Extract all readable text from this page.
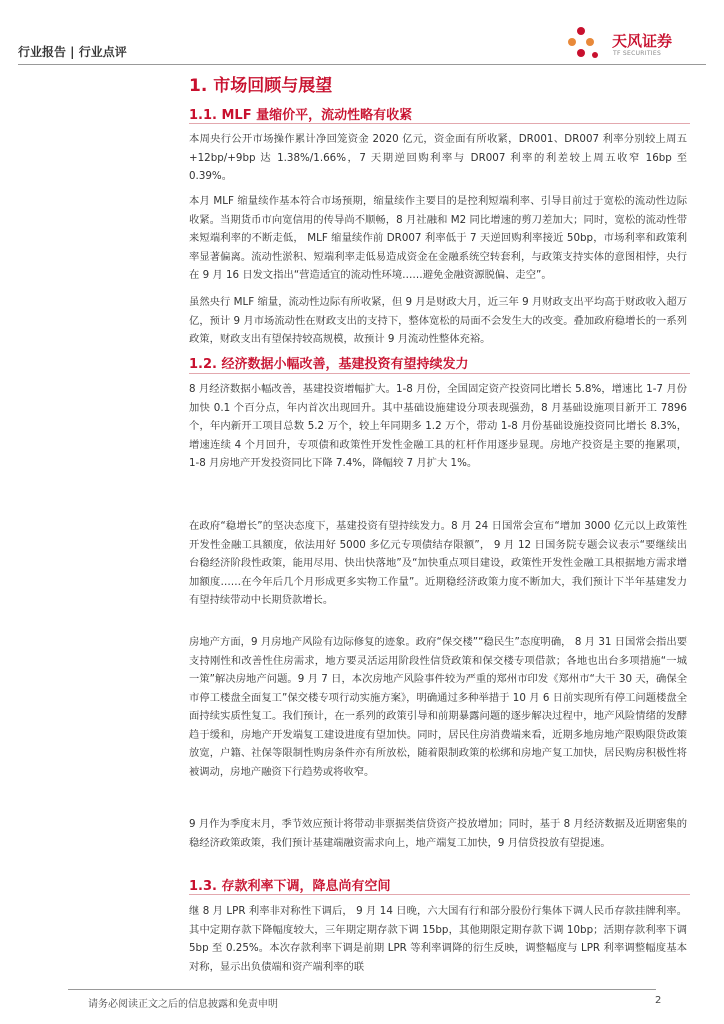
行业报告 | 行业点评
天风证券
TF SECURITIES
1. 市场回顾与展望
1.1. MLF 量缩价平，流动性略有收紧
本周央行公开市场操作累计净回笼资金 2020 亿元，资金面有所收紧，DR001、DR007 利率分别较上周五+12bp/+9bp 达 1.38%/1.66%，7 天期逆回购利率与 DR007 利率的利差较上周五收窄 16bp 至 0.39%。
本月 MLF 缩量续作基本符合市场预期，缩量续作主要目的是控利短端利率、引导目前过于宽松的流动性边际收紧。当期货币市向宽信用的传导尚不顺畅，8 月社融和 M2 同比增速的剪刀差加大；同时，宽松的流动性带来短端利率的不断走低， MLF 缩量续作前 DR007 利率低于 7 天逆回购利率接近 50bp，市场利率和政策利率显著偏离。流动性淤积、短端利率走低易造成资金在金融系统空转套利，与政策支持实体的意图相悖，央行在 9 月 16 日发文指出“营造适宜的流动性环境……避免金融资源脱偏、走空”。
虽然央行 MLF 缩量，流动性边际有所收紧，但 9 月是财政大月，近三年 9 月财政支出平均高于财政收入超万亿，预计 9 月市场流动性在财政支出的支持下，整体宽松的局面不会发生大的改变。叠加政府稳增长的一系列政策，财政支出有望保持较高规模，故预计 9 月流动性整体充裕。
1.2. 经济数据小幅改善，基建投资有望持续发力
8 月经济数据小幅改善，基建投资增幅扩大。1-8 月份，全国固定资产投资同比增长 5.8%，增速比 1-7 月份加快 0.1 个百分点，年内首次出现回升。其中基础设施建设分项表现强劲，8 月基础设施项目新开工 7896 个，年内新开工项目总数 5.2 万个，较上年同期多 1.2 万个，带动 1-8 月份基础设施投资同比增长 8.3%，增速连续 4 个月回升，专项债和政策性开发性金融工具的杠杆作用逐步显现。房地产投资是主要的拖累项， 1-8 月房地产开发投资同比下降 7.4%，降幅较 7 月扩大 1%。
在政府“稳增长”的坚决态度下，基建投资有望持续发力。8 月 24 日国常会宣布“增加 3000 亿元以上政策性开发性金融工具额度，依法用好 5000 多亿元专项债结存限额”， 9 月 12 日国务院专题会议表示“要继续出台稳经济阶段性政策，能用尽用、快出快落地”及“加快重点项目建设，政策性开发性金融工具根据地方需求增加额度……在今年后几个月形成更多实物工作量”。近期稳经济政策力度不断加大，我们预计下半年基建发力有望持续带动中长期贷款增长。
房地产方面，9 月房地产风险有边际修复的迹象。政府“保交楼”“稳民生”态度明确， 8 月 31 日国常会指出要支持刚性和改善性住房需求，地方要灵活运用阶段性信贷政策和保交楼专项借款；各地也出台多项措施“一城一策”解决房地产问题。9 月 7 日，本次房地产风险事件较为严重的郑州市印发《郑州市“大干 30 天，确保全市停工楼盘全面复工”保交楼专项行动实施方案》，明确通过多种举措于 10 月 6 日前实现所有停工问题楼盘全面持续实质性复工。我们预计，在一系列的政策引导和前期暴露问题的逐步解决过程中，地产风险情绪的发酵趋于缓和，房地产开发端复工建设进度有望加快。同时，居民住房消费端来看，近期多地房地产限购限贷政策放宽，户籍、社保等限制性购房条件亦有所放松，随着限制政策的松绑和房地产复工加快，居民购房积极性将被调动，房地产融资下行趋势或将收窄。
9 月作为季度末月，季节效应预计将带动非票据类信贷资产投放增加；同时，基于 8 月经济数据及近期密集的稳经济政策政策，我们预计基建端融资需求向上，地产端复工加快，9 月信贷投放有望提速。
1.3. 存款利率下调，降息尚有空间
继 8 月 LPR 利率非对称性下调后， 9 月 14 日晚，六大国有行和部分股份行集体下调人民币存款挂牌利率。其中定期存款下降幅度较大，三年期定期存款下调 15bp，其他期限定期存款下调 10bp；活期存款利率下调 5bp 至 0.25%。本次存款利率下调是前期 LPR 等利率调降的衍生反映，调整幅度与 LPR 利率调整幅度基本对称，显示出负债端和资产端利率的联
请务必阅读正文之后的信息披露和免责申明	2
